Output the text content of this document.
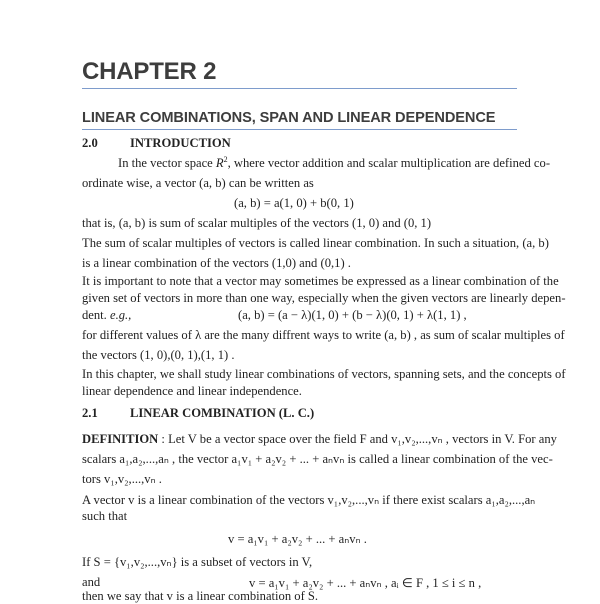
CHAPTER 2
LINEAR COMBINATIONS, SPAN AND LINEAR DEPENDENCE
2.0	INTRODUCTION
In the vector space $R^2$, where vector addition and scalar multiplication are defined co-
ordinate wise, a vector (a, b) can be written as
(a, b) = a(1, 0) + b(0, 1)
that is, (a, b) is sum of scalar multiples of the vectors (1, 0) and (0, 1)
The sum of scalar multiples of vectors is called linear combination. In such a situation, (a, b)
is a linear combination of the vectors (1,0) and (0,1) .
It is important to note that a vector may sometimes be expressed as a linear combination of the
given set of vectors in more than one way, especially when the given vectors are linearly depen-
dent. e.g.,	(a, b) = (a − λ)(1, 0) + (b − λ)(0, 1) + λ(1, 1) ,
for different values of λ are the many diffrent ways to write (a, b) , as sum of scalar multiples of
the vectors (1, 0),(0, 1),(1, 1) .
In this chapter, we shall study linear combinations of vectors, spanning sets, and the concepts of
linear dependence and linear independence.
2.1	LINEAR COMBINATION (L. C.)
DEFINITION : Let V be a vector space over the field F and v₁,v₂,...,vₙ , vectors in V. For any
scalars a₁,a₂,...,aₙ , the vector a₁v₁ + a₂v₂ + ... + aₙvₙ is called a linear combination of the vec-
tors v₁,v₂,...,vₙ .
A vector v is a linear combination of the vectors v₁,v₂,...,vₙ if there exist scalars a₁,a₂,...,aₙ
such that
v = a₁v₁ + a₂v₂ + ... + aₙvₙ .
If S = {v₁,v₂,...,vₙ} is a subset of vectors in V,
and	v = a₁v₁ + a₂v₂ + ... + aₙvₙ , aᵢ ∈ F , 1 ≤ i ≤ n ,
then we say that v is a linear combination of S.
